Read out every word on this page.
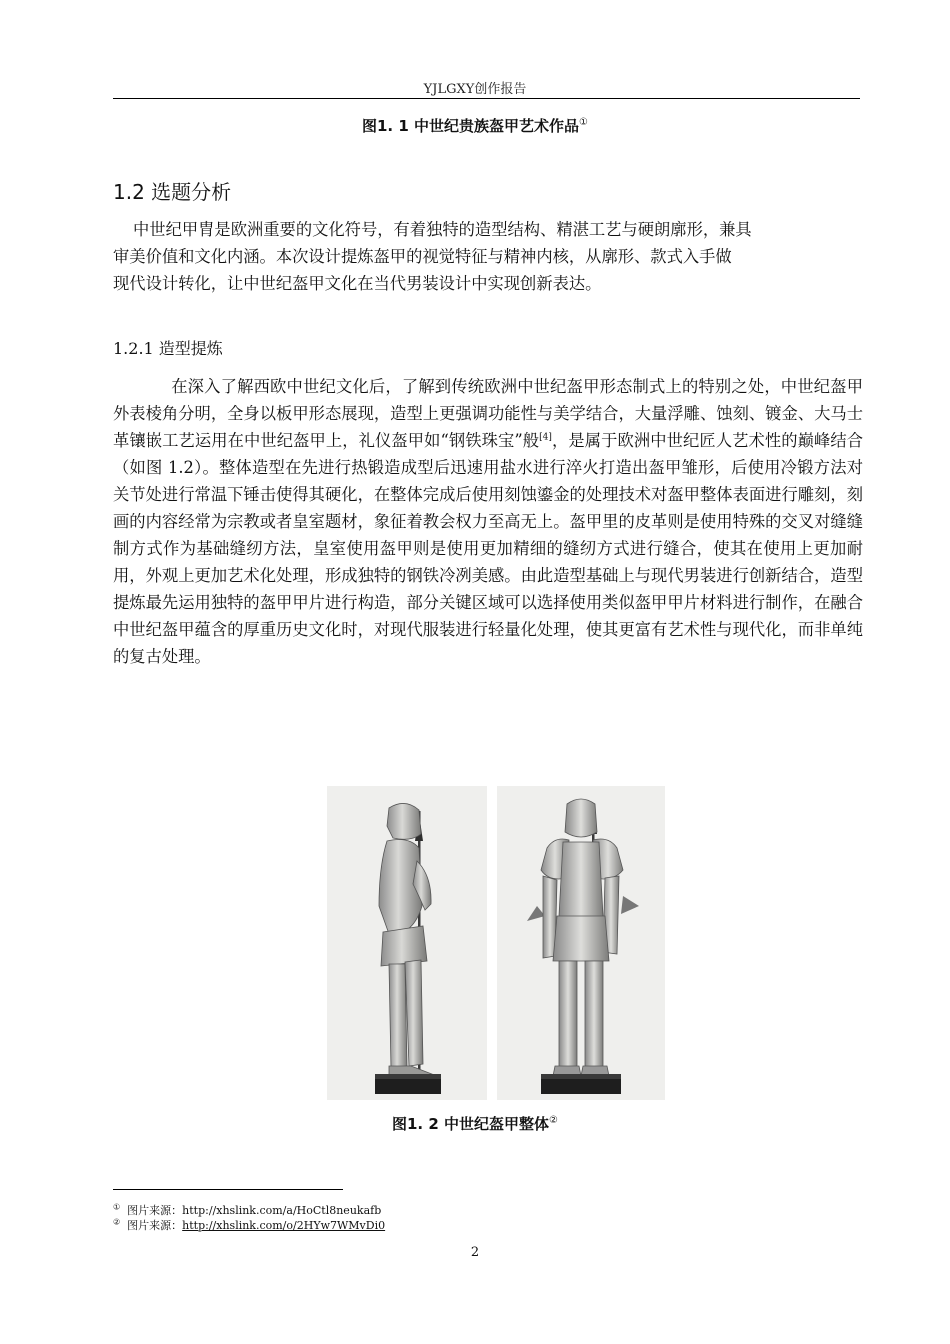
YJLGXY创作报告
图1. 1 中世纪贵族盔甲艺术作品①
1.2 选题分析
中世纪甲胄是欧洲重要的文化符号，有着独特的造型结构、精湛工艺与硬朗廓形，兼具
审美价值和文化内涵。本次设计提炼盔甲的视觉特征与精神内核，从廓形、款式入手做
现代设计转化，让中世纪盔甲文化在当代男装设计中实现创新表达。
1.2.1 造型提炼
在深入了解西欧中世纪文化后，了解到传统欧洲中世纪盔甲形态制式上的特别之处，中世纪盔甲外表棱角分明，全身以板甲形态展现，造型上更强调功能性与美学结合，大量浮雕、蚀刻、镀金、大马士革镶嵌工艺运用在中世纪盔甲上，礼仪盔甲如“钢铁珠宝”般[4]，是属于欧洲中世纪匠人艺术性的巅峰结合（如图 1.2）。整体造型在先进行热锻造成型后迅速用盐水进行淬火打造出盔甲雏形，后使用冷锻方法对关节处进行常温下锤击使得其硬化，在整体完成后使用刻蚀鎏金的处理技术对盔甲整体表面进行雕刻，刻画的内容经常为宗教或者皇室题材，象征着教会权力至高无上。盔甲里的皮革则是使用特殊的交叉对缝缝制方式作为基础缝纫方法，皇室使用盔甲则是使用更加精细的缝纫方式进行缝合，使其在使用上更加耐用，外观上更加艺术化处理，形成独特的钢铁冷冽美感。由此造型基础上与现代男装进行创新结合，造型提炼最先运用独特的盔甲甲片进行构造，部分关键区域可以选择使用类似盔甲甲片材料进行制作，在融合中世纪盔甲蕴含的厚重历史文化时，对现代服装进行轻量化处理，使其更富有艺术性与现代化，而非单纯的复古处理。
图1. 2 中世纪盔甲整体②
① 图片来源：http://xhslink.com/a/HoCtl8neukafb
② 图片来源：http://xhslink.com/o/2HYw7WMvDi0
2
